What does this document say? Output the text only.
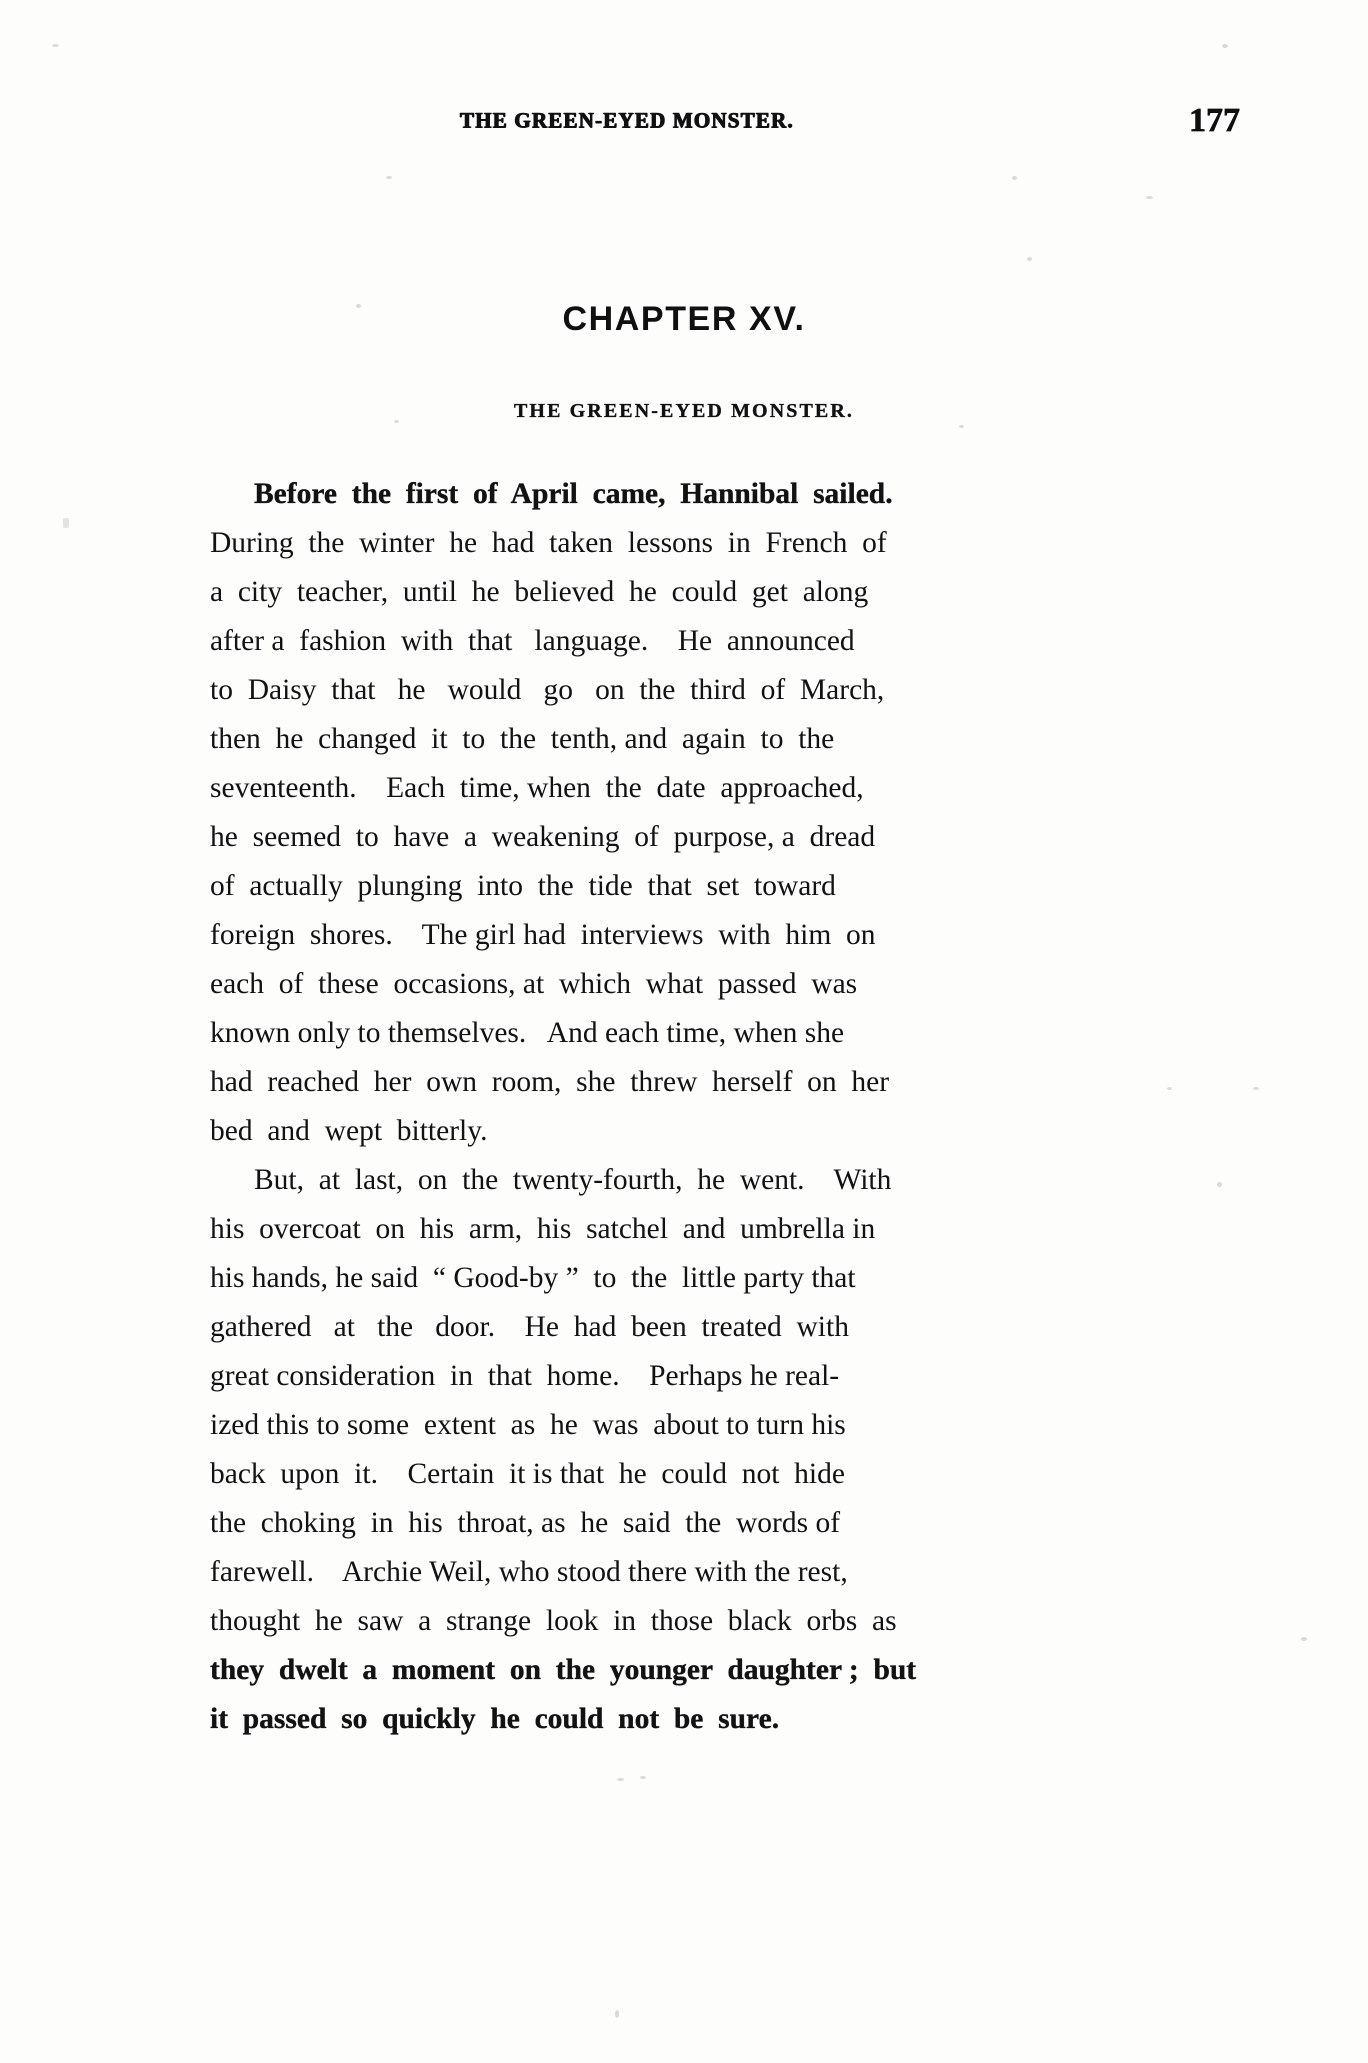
THE GREEN-EYED MONSTER.	177
CHAPTER XV.
THE GREEN-EYED MONSTER.

Before  the  first  of  April  came,  Hannibal  sailed.
During  the  winter  he  had  taken  lessons  in  French  of
a  city  teacher,  until  he  believed  he  could  get  along
after a  fashion  with  that   language.    He  announced
to  Daisy  that   he   would   go   on  the  third  of  March,
then  he  changed  it  to  the  tenth, and  again  to  the
seventeenth.    Each  time, when  the  date  approached,
he  seemed  to  have  a  weakening  of  purpose, a  dread
of  actually  plunging  into  the  tide  that  set  toward
foreign  shores.    The girl had  interviews  with  him  on
each  of  these  occasions, at  which  what  passed  was
known only to themselves.   And each time, when she
had  reached  her  own  room,  she  threw  herself  on  her
bed  and  wept  bitterly.

But,  at  last,  on  the  twenty-fourth,  he  went.    With
his  overcoat  on  his  arm,  his  satchel  and  umbrella in
his hands, he said  “ Good-by ”  to  the  little party that
gathered   at   the   door.    He  had  been  treated  with
great consideration  in  that  home.    Perhaps he real-
ized this to some  extent  as  he  was  about to turn his
back  upon  it.    Certain  it is that  he  could  not  hide
the  choking  in  his  throat, as  he  said  the  words of
farewell.    Archie Weil, who stood there with the rest,
thought  he  saw  a  strange  look  in  those  black  orbs  as
they  dwelt  a  moment  on  the  younger  daughter ;  but
it  passed  so  quickly  he  could  not  be  sure.
